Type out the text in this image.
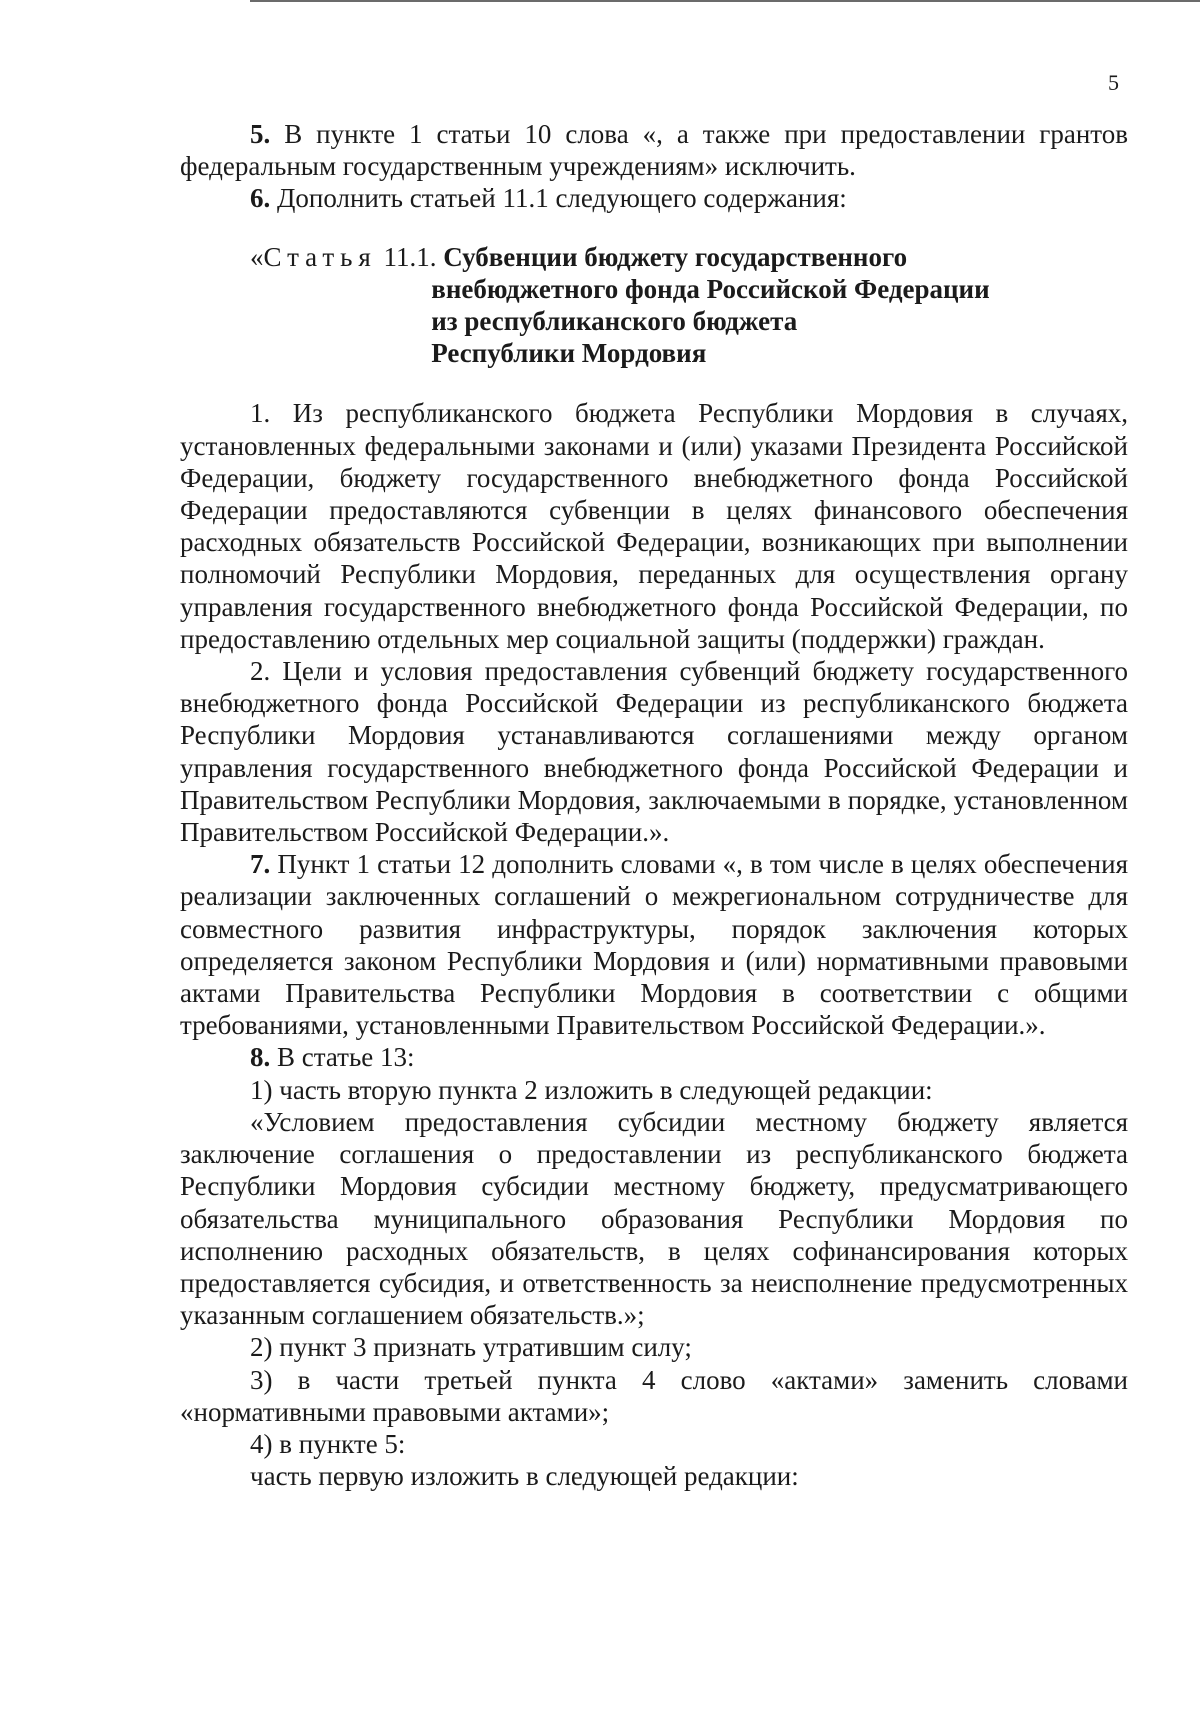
5

5. В пункте 1 статьи 10 слова «, а также при предоставлении грантов федеральным государственным учреждениям» исключить.

6. Дополнить статьей 11.1 следующего содержания:

«Статья 11.1. Субвенции бюджету государственного
внебюджетного фонда Российской Федерации
из республиканского бюджета
Республики Мордовия

1. Из республиканского бюджета Республики Мордовия в случаях, установленных федеральными законами и (или) указами Президента Российской Федерации, бюджету государственного внебюджетного фонда Российской Федерации предоставляются субвенции в целях финансового обеспечения расходных обязательств Российской Федерации, возникающих при выполнении полномочий Республики Мордовия, переданных для осуществления органу управления государственного внебюджетного фонда Российской Федерации, по предоставлению отдельных мер социальной защиты (поддержки) граждан.

2. Цели и условия предоставления субвенций бюджету государственного внебюджетного фонда Российской Федерации из республиканского бюджета Республики Мордовия устанавливаются соглашениями между органом управления государственного внебюджетного фонда Российской Федерации и Правительством Республики Мордовия, заключаемыми в порядке, установленном Правительством Российской Федерации.».

7. Пункт 1 статьи 12 дополнить словами «, в том числе в целях обеспечения реализации заключенных соглашений о межрегиональном сотрудничестве для совместного развития инфраструктуры, порядок заключения которых определяется законом Республики Мордовия и (или) нормативными правовыми актами Правительства Республики Мордовия в соответствии с общими требованиями, установленными Правительством Российской Федерации.».

8. В статье 13:

1) часть вторую пункта 2 изложить в следующей редакции:

«Условием предоставления субсидии местному бюджету является заключение соглашения о предоставлении из республиканского бюджета Республики Мордовия субсидии местному бюджету, предусматривающего обязательства муниципального образования Республики Мордовия по исполнению расходных обязательств, в целях софинансирования которых предоставляется субсидия, и ответственность за неисполнение предусмотренных указанным соглашением обязательств.»;

2) пункт 3 признать утратившим силу;

3) в части третьей пункта 4 слово «актами» заменить словами «нормативными правовыми актами»;

4) в пункте 5:

часть первую изложить в следующей редакции:
